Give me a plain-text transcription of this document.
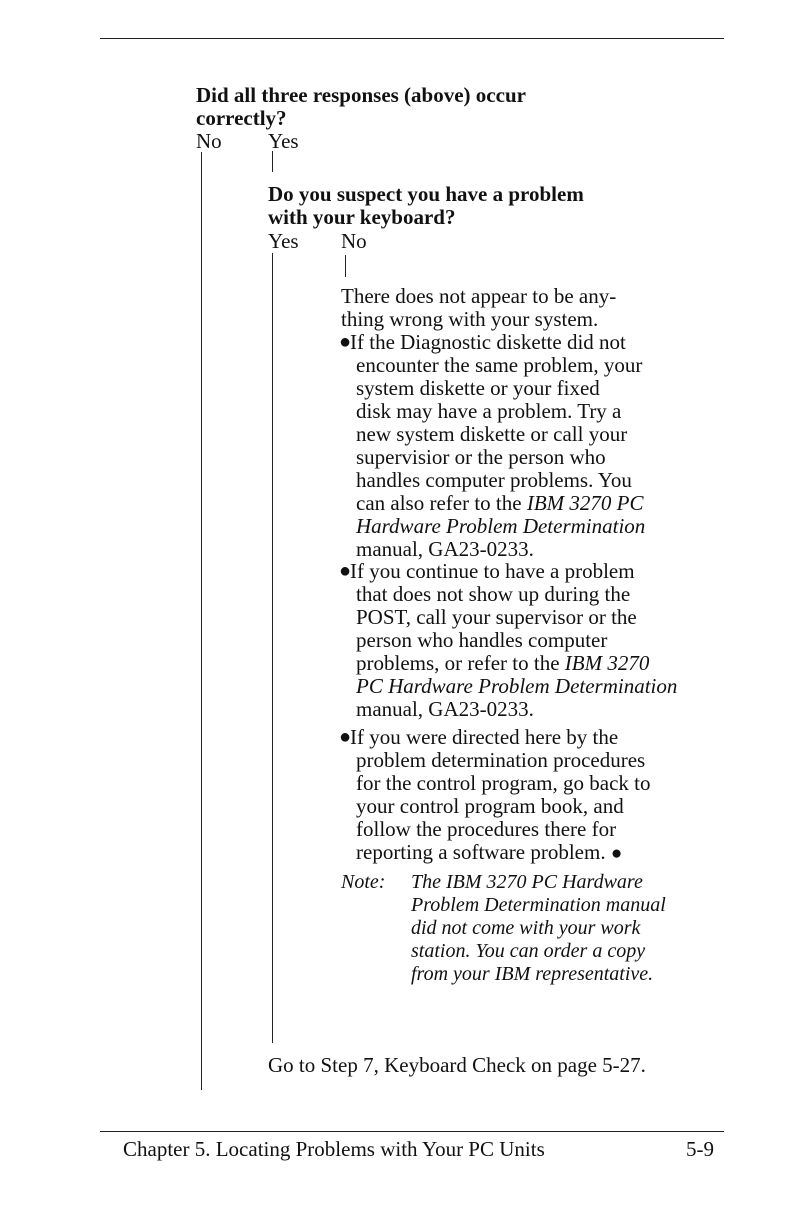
Did all three responses (above) occur
correctly?
No Yes
Do you suspect you have a problem
with your keyboard?
Yes No
There does not appear to be any-
thing wrong with your system.
●
If the Diagnostic diskette did not
encounter the same problem, your
system diskette or your fixed
disk may have a problem. Try a
new system diskette or call your
supervisior or the person who
handles computer problems. You
can also refer to the IBM 3270 PC
Hardware Problem Determination
manual, GA23-0233.
●
If you continue to have a problem
that does not show up during the
POST, call your supervisor or the
person who handles computer
problems, or refer to the IBM 3270
PC Hardware Problem Determination
manual, GA23-0233.
●
If you were directed here by the
problem determination procedures
for the control program, go back to
your control program book, and
follow the procedures there for
reporting a software problem. ●
Note: The IBM 3270 PC Hardware
Problem Determination manual
did not come with your work
station. You can order a copy
from your IBM representative.
Go to Step 7, Keyboard Check on page 5-27.
Chapter 5. Locating Problems with Your PC Units	5-9
